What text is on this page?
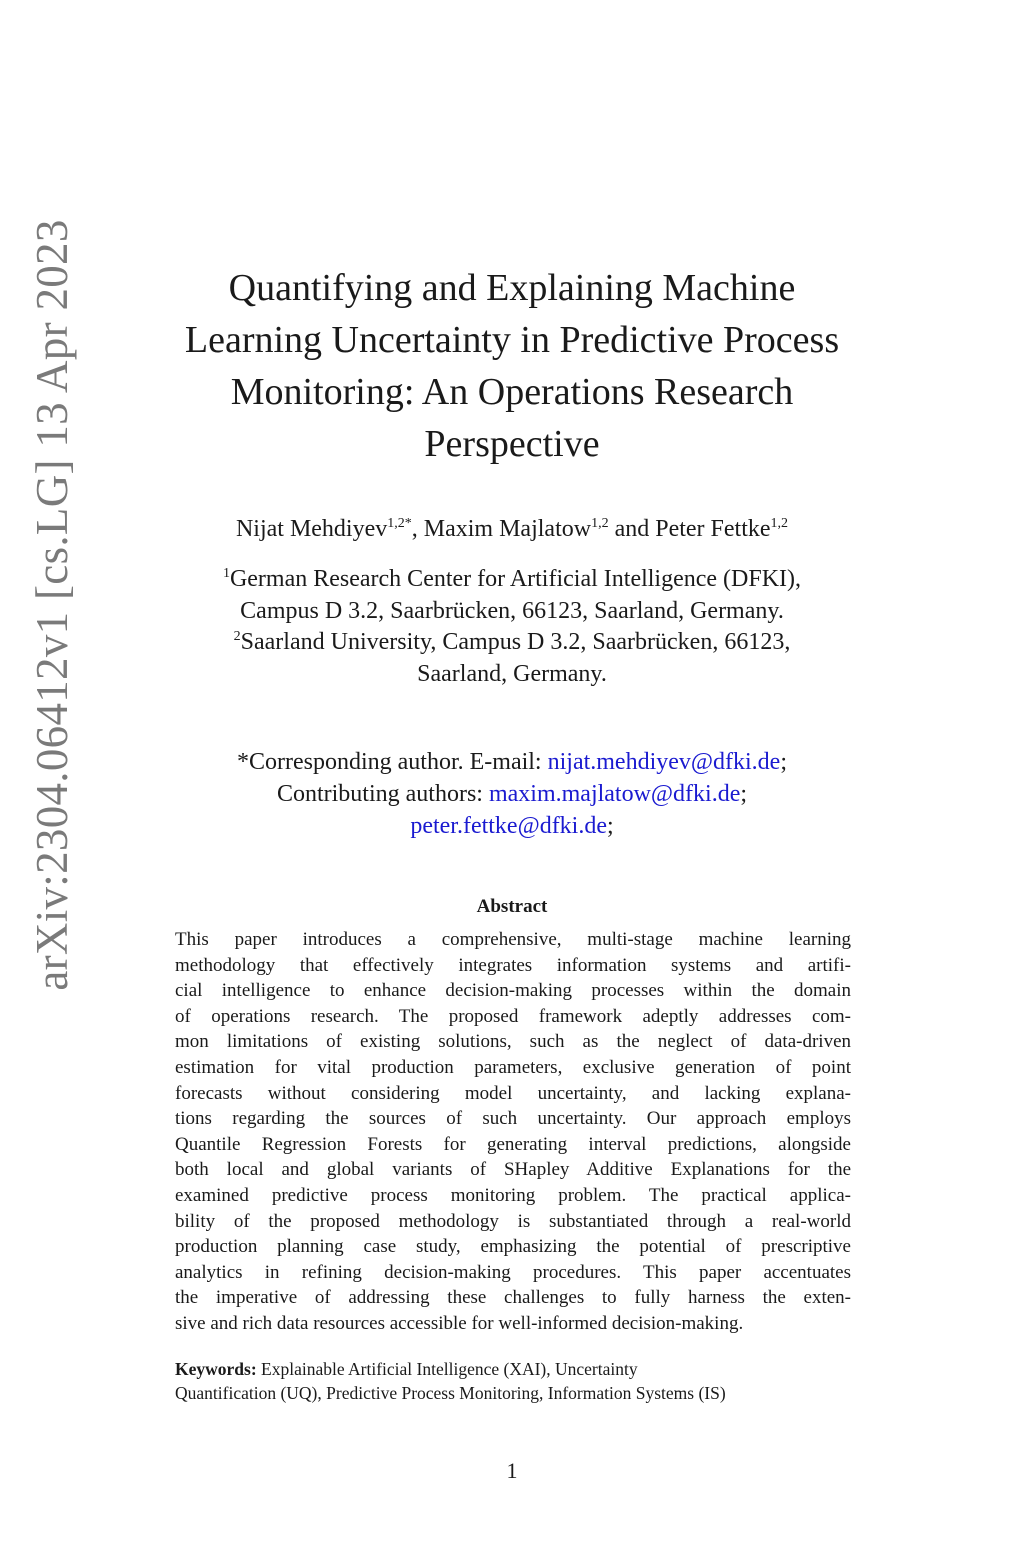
arXiv:2304.06412v1 [cs.LG] 13 Apr 2023	Quantifying and Explaining Machine
Learning Uncertainty in Predictive Process
Monitoring: An Operations Research
Perspective
Nijat Mehdiyev$^{1,2*}$, Maxim Majlatow$^{1,2}$ and Peter Fettke$^{1,2}$
$^1$German Research Center for Artificial Intelligence (DFKI),
Campus D 3.2, Saarbrücken, 66123, Saarland, Germany.
$^2$Saarland University, Campus D 3.2, Saarbrücken, 66123,
Saarland, Germany.
*Corresponding author. E-mail: nijat.mehdiyev@dfki.de;
Contributing authors: maxim.majlatow@dfki.de;
peter.fettke@dfki.de;
Abstract
This paper introduces a comprehensive, multi-stage machine learning
methodology that effectively integrates information systems and artifi-
cial intelligence to enhance decision-making processes within the domain
of operations research. The proposed framework adeptly addresses com-
mon limitations of existing solutions, such as the neglect of data-driven
estimation for vital production parameters, exclusive generation of point
forecasts without considering model uncertainty, and lacking explana-
tions regarding the sources of such uncertainty. Our approach employs
Quantile Regression Forests for generating interval predictions, alongside
both local and global variants of SHapley Additive Explanations for the
examined predictive process monitoring problem. The practical applica-
bility of the proposed methodology is substantiated through a real-world
production planning case study, emphasizing the potential of prescriptive
analytics in refining decision-making procedures. This paper accentuates
the imperative of addressing these challenges to fully harness the exten-
sive and rich data resources accessible for well-informed decision-making.
Keywords: Explainable Artificial Intelligence (XAI), Uncertainty
Quantification (UQ), Predictive Process Monitoring, Information Systems (IS)
1
